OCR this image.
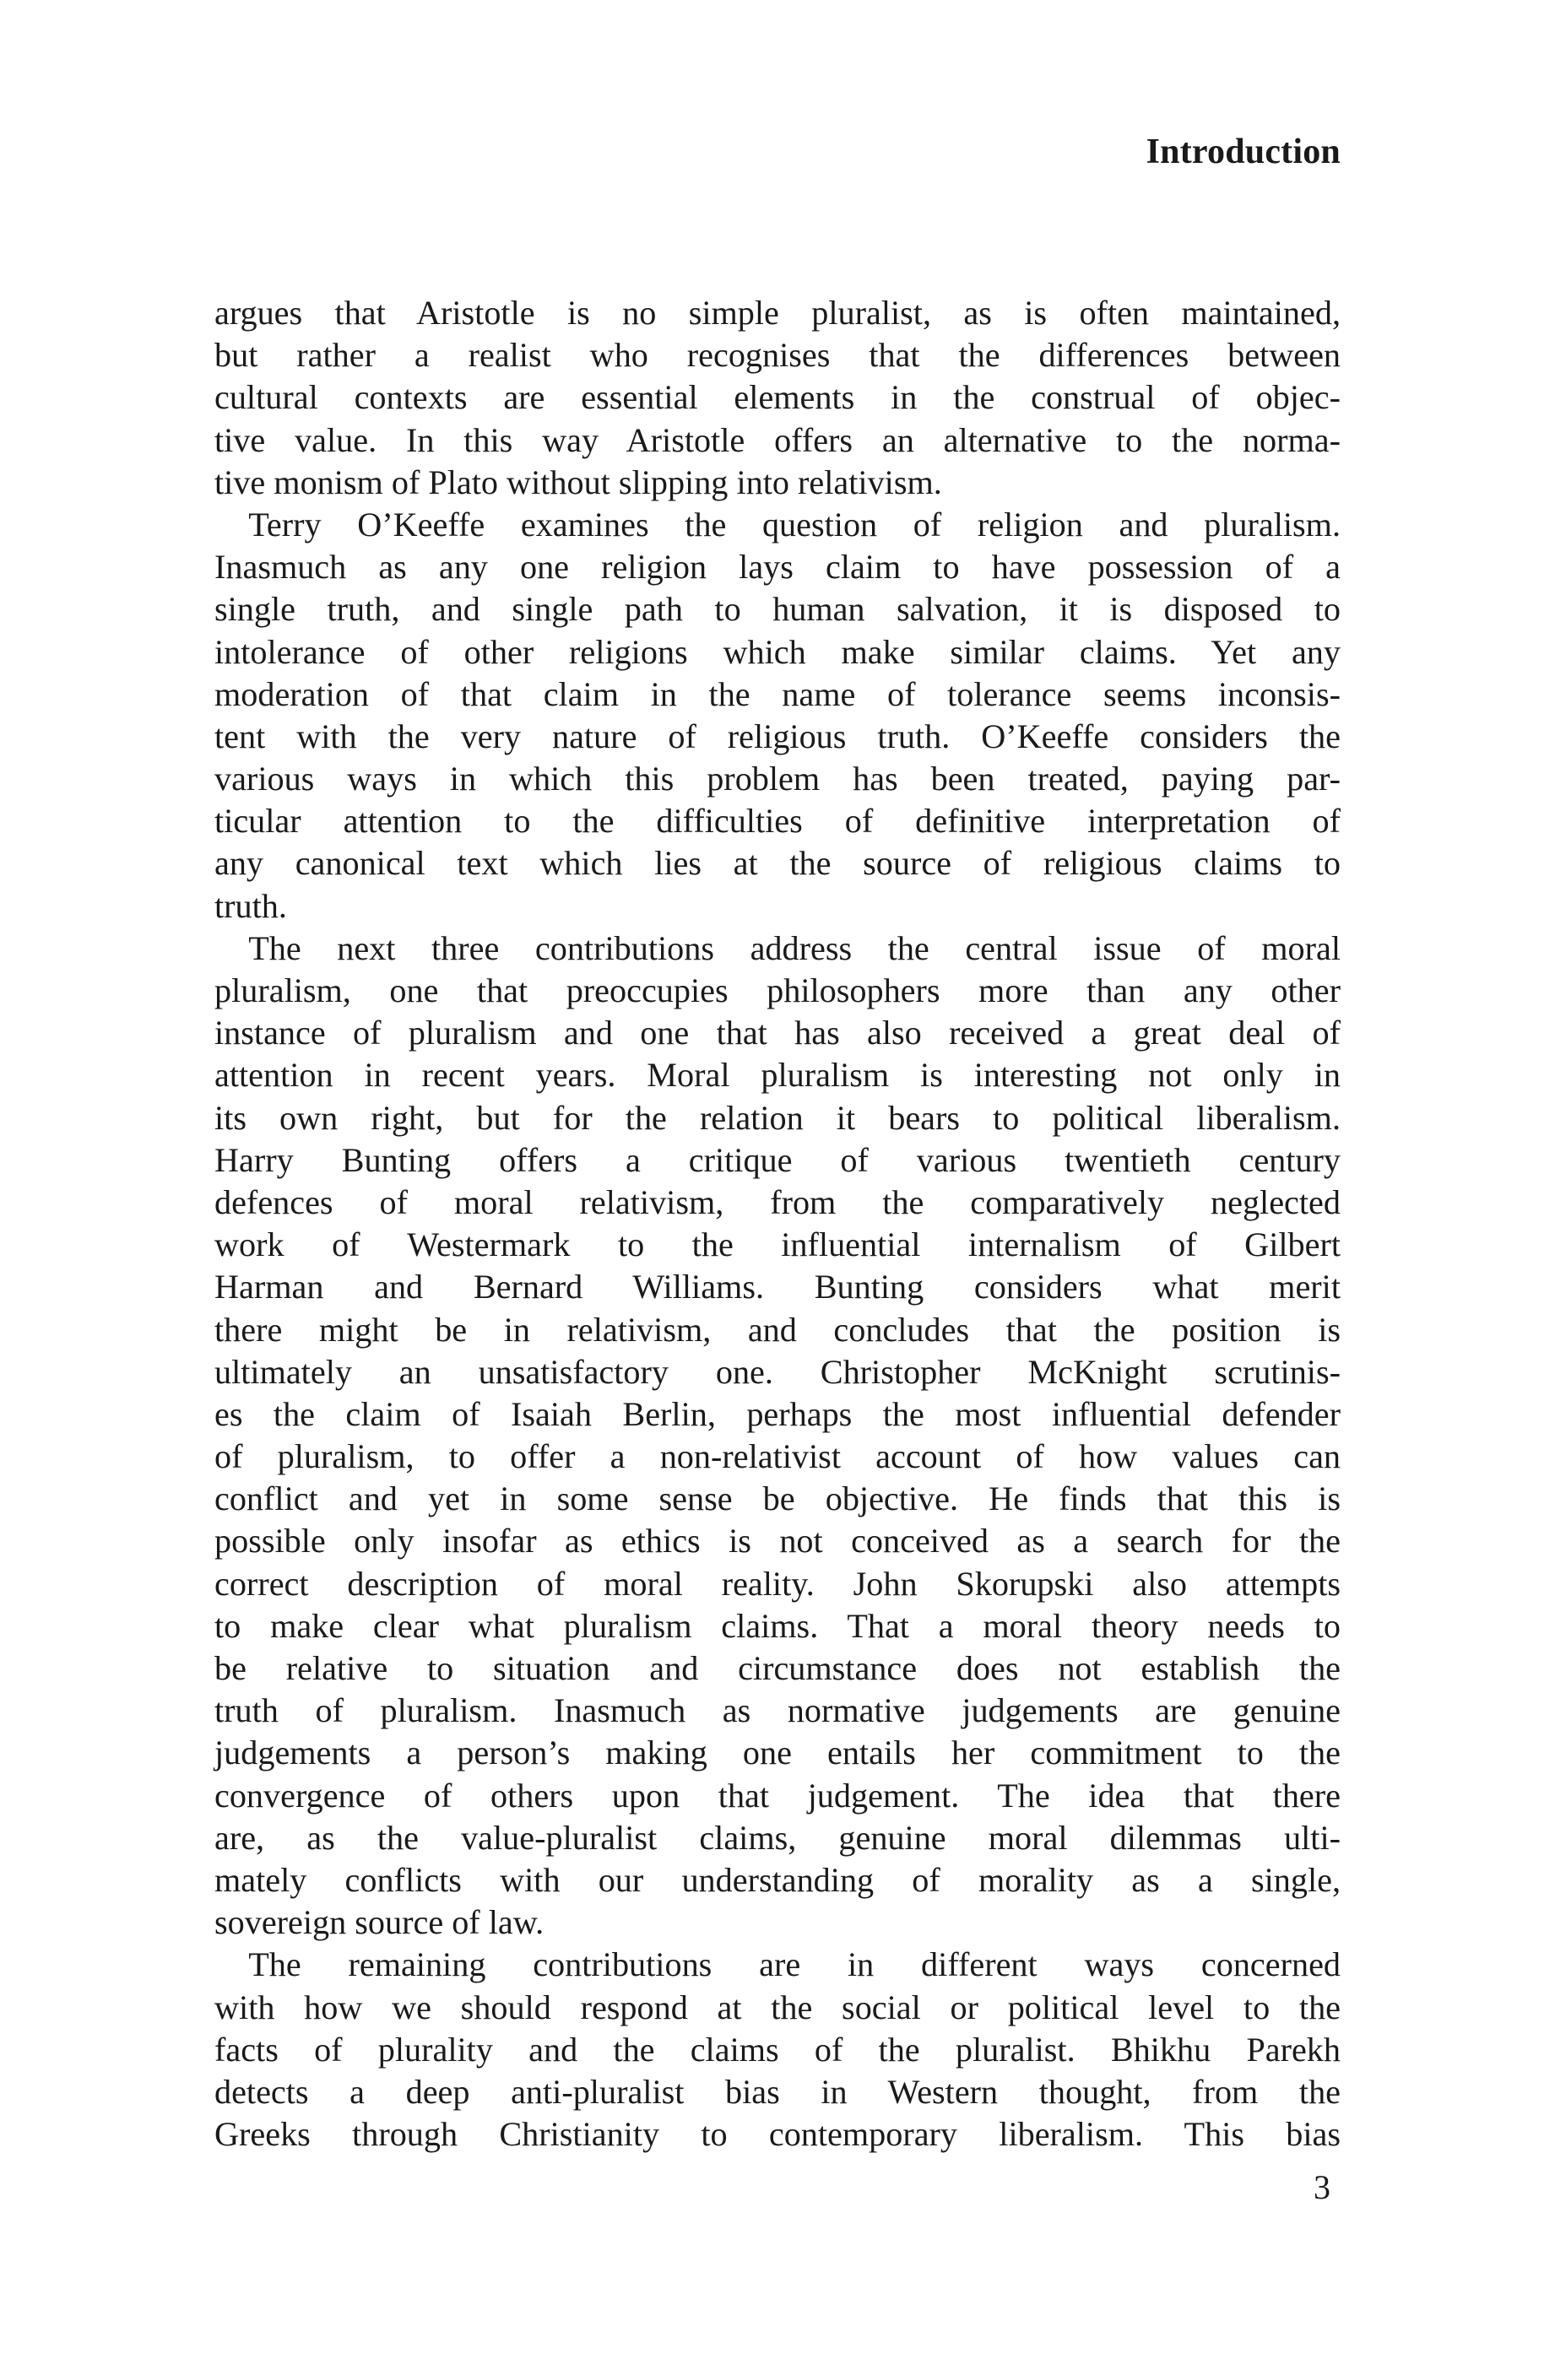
Introduction

argues that Aristotle is no simple pluralist, as is often maintained,
but rather a realist who recognises that the differences between
cultural contexts are essential elements in the construal of objec-
tive value. In this way Aristotle offers an alternative to the norma-
tive monism of Plato without slipping into relativism.

Terry O’Keeffe examines the question of religion and pluralism.
Inasmuch as any one religion lays claim to have possession of a
single truth, and single path to human salvation, it is disposed to
intolerance of other religions which make similar claims. Yet any
moderation of that claim in the name of tolerance seems inconsis-
tent with the very nature of religious truth. O’Keeffe considers the
various ways in which this problem has been treated, paying par-
ticular attention to the difficulties of definitive interpretation of
any canonical text which lies at the source of religious claims to
truth.

The next three contributions address the central issue of moral
pluralism, one that preoccupies philosophers more than any other
instance of pluralism and one that has also received a great deal of
attention in recent years. Moral pluralism is interesting not only in
its own right, but for the relation it bears to political liberalism.
Harry Bunting offers a critique of various twentieth century
defences of moral relativism, from the comparatively neglected
work of Westermark to the influential internalism of Gilbert
Harman and Bernard Williams. Bunting considers what merit
there might be in relativism, and concludes that the position is
ultimately an unsatisfactory one. Christopher McKnight scrutinis-
es the claim of Isaiah Berlin, perhaps the most influential defender
of pluralism, to offer a non-relativist account of how values can
conflict and yet in some sense be objective. He finds that this is
possible only insofar as ethics is not conceived as a search for the
correct description of moral reality. John Skorupski also attempts
to make clear what pluralism claims. That a moral theory needs to
be relative to situation and circumstance does not establish the
truth of pluralism. Inasmuch as normative judgements are genuine
judgements a person’s making one entails her commitment to the
convergence of others upon that judgement. The idea that there
are, as the value-pluralist claims, genuine moral dilemmas ulti-
mately conflicts with our understanding of morality as a single,
sovereign source of law.

The remaining contributions are in different ways concerned
with how we should respond at the social or political level to the
facts of plurality and the claims of the pluralist. Bhikhu Parekh
detects a deep anti-pluralist bias in Western thought, from the
Greeks through Christianity to contemporary liberalism. This bias

3
